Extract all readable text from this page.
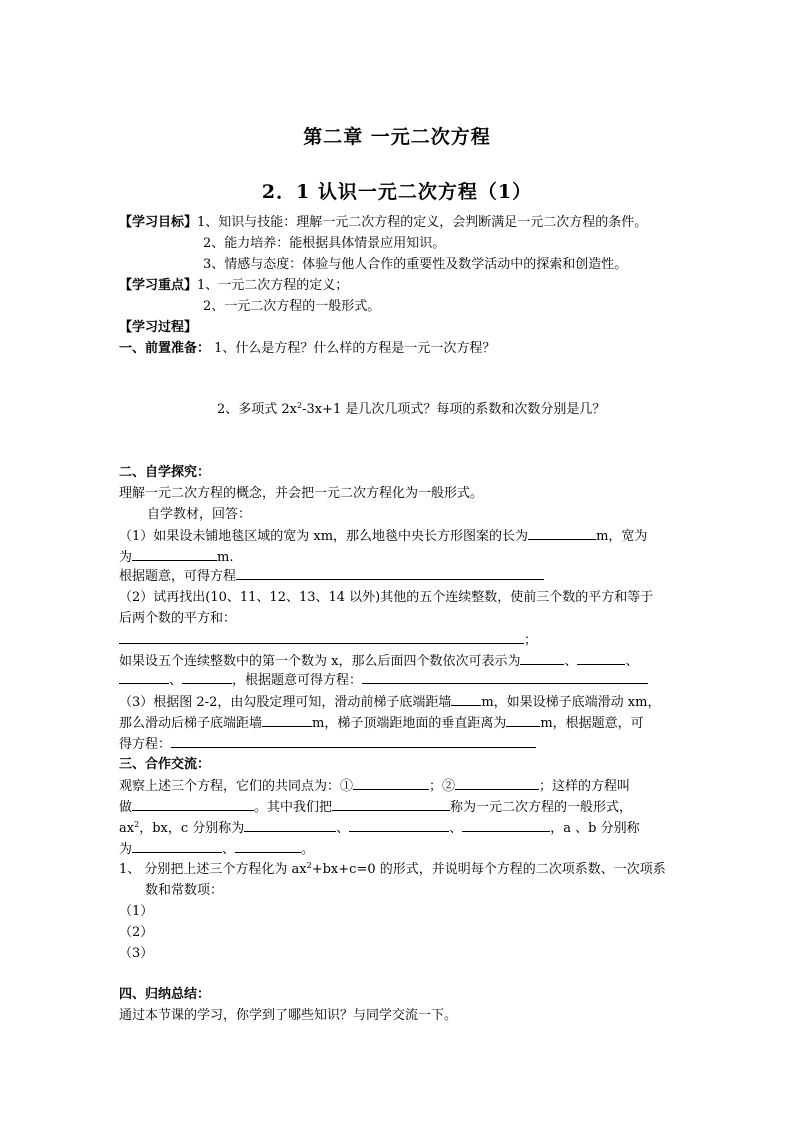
第二章 一元二次方程
2．1 认识一元二次方程（1）
【学习目标】1、知识与技能：理解一元二次方程的定义，会判断满足一元二次方程的条件。
2、能力培养：能根据具体情景应用知识。
3、情感与态度：体验与他人合作的重要性及数学活动中的探索和创造性。
【学习重点】1、一元二次方程的定义；
2、一元二次方程的一般形式。
【学习过程】
一、前置准备： 1、什么是方程？什么样的方程是一元一次方程？
2、多项式 $2x^2-3x+1$ 是几次几项式？每项的系数和次数分别是几？
二、自学探究：
理解一元二次方程的概念，并会把一元二次方程化为一般形式。
自学教材，回答：
（1）如果设未铺地毯区域的宽为 xm，那么地毯中央长方形图案的长为	m，宽为
为	m.
根据题意，可得方程
（2）试再找出(10、11、12、13、14 以外)其他的五个连续整数，使前三个数的平方和等于
后两个数的平方和：
；
如果设五个连续整数中的第一个数为 x，那么后面四个数依次可表示为	、	、
、	，根据题意可得方程：
（3）根据图 2-2，由勾股定理可知，滑动前梯子底端距墙 m，如果设梯子底端滑动 xm，
那么滑动后梯子底端距墙	m，梯子顶端距地面的垂直距离为	m，根据题意，可
得方程：
三、合作交流：
观察上述三个方程，它们的共同点为：①	；②	；这样的方程叫
做	。其中我们把	称为一元二次方程的一般形式，
$ax^2$，bx，c 分别称为	、	、	，a 、b 分别称
为	、	。
1、 分别把上述三个方程化为 $ax^2+bx+c=0$ 的形式，并说明每个方程的二次项系数、一次项系
数和常数项：
（1）
（2）
（3）
四、归纳总结：
通过本节课的学习，你学到了哪些知识？与同学交流一下。
